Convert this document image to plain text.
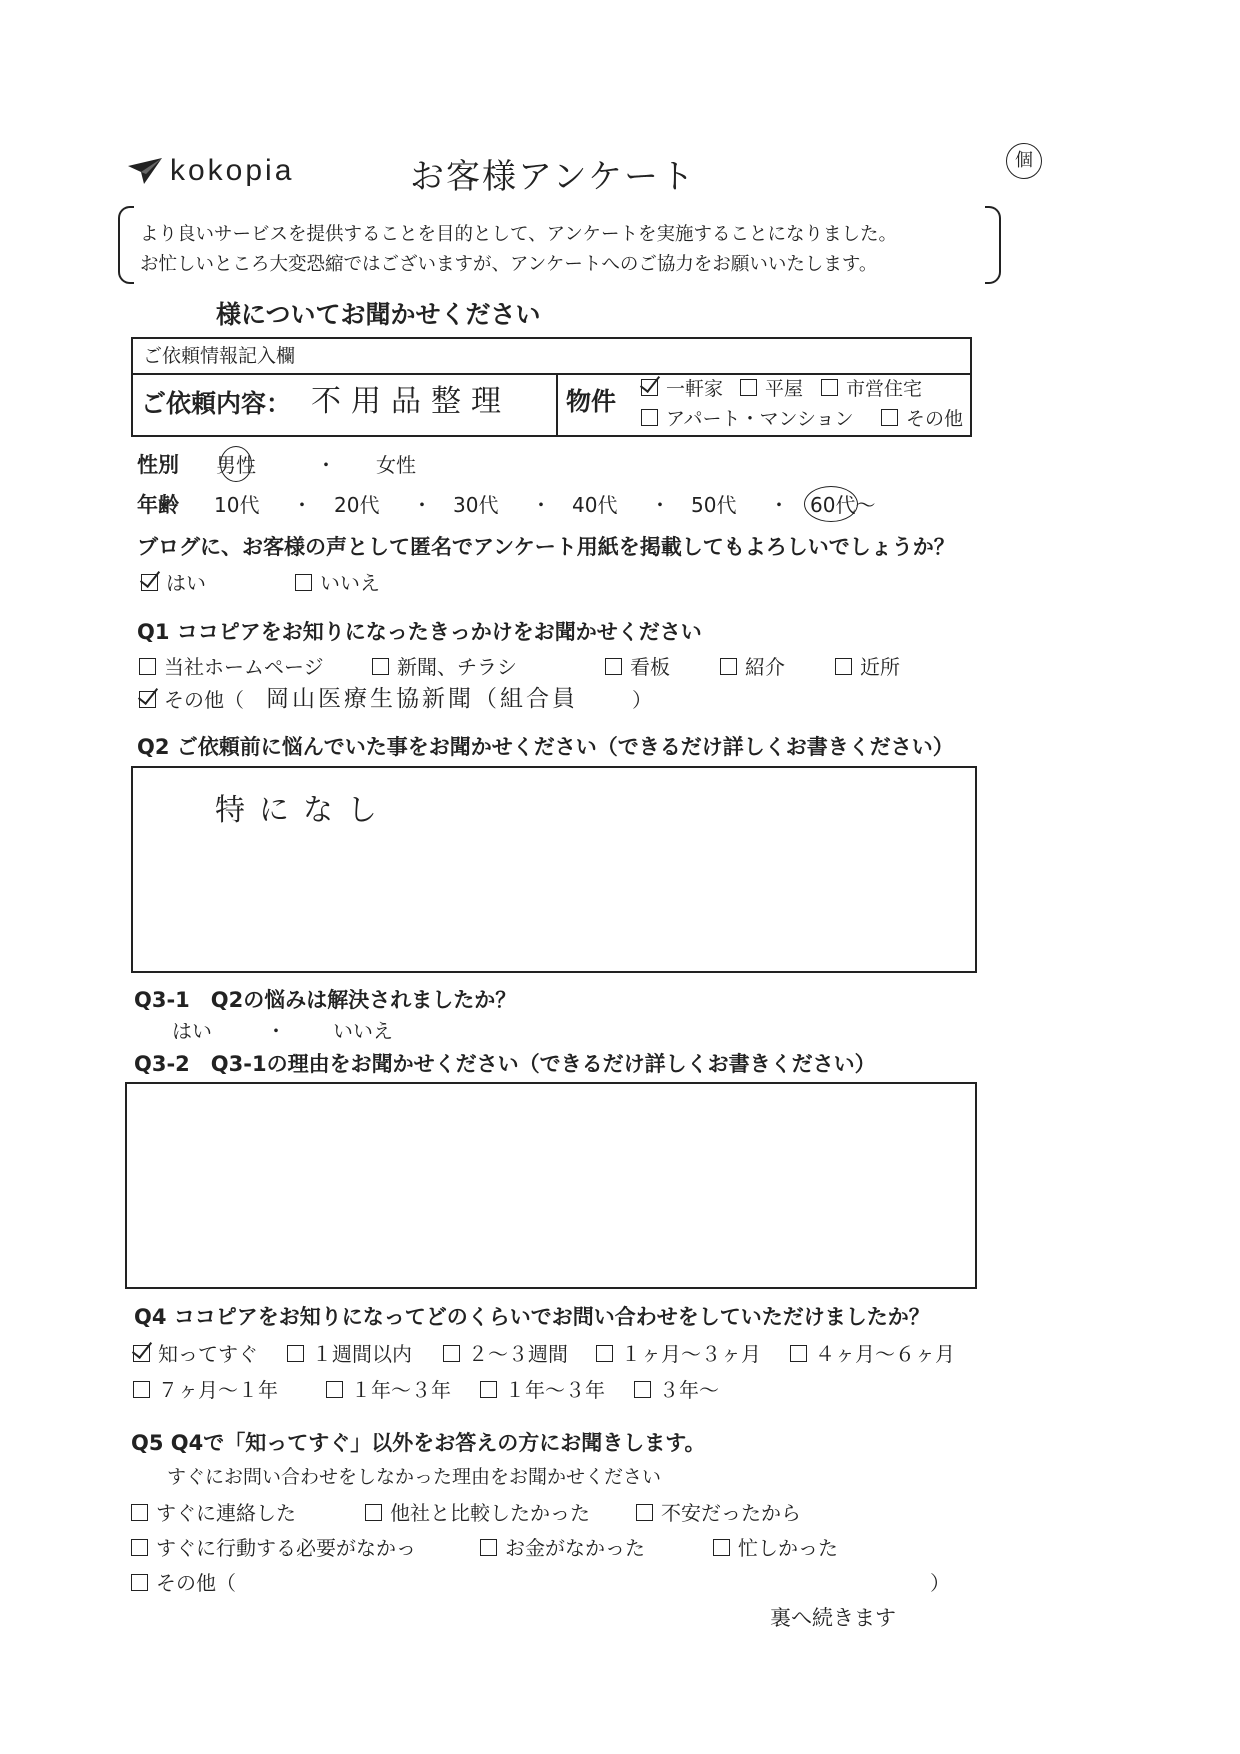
kokopia	お客様アンケート	個
より良いサービスを提供することを目的として、アンケートを実施することになりました。
お忙しいところ大変恐縮ではございますが、アンケートへのご協力をお願いいたします。
様についてお聞かせください
ご依頼情報記入欄
ご依頼内容： 不用品整理 物件	一軒家	平屋	市営住宅
アパート・マンション	その他
性別 男性	・ 女性
年齢 10代 ・ 20代 ・ 30代 ・ 40代 ・ 50代 ・ 60代〜
ブログに、お客様の声として匿名でアンケート用紙を掲載してもよろしいでしょうか？
はい	いいえ
Q1 ココピアをお知りになったきっかけをお聞かせください
当社ホームページ	新聞、チラシ	看板	紹介	近所
その他（ 岡山医療生協新聞（組合員	）
Q2 ご依頼前に悩んでいた事をお聞かせください（できるだけ詳しくお書きください）
特になし
Q3-1　Q2の悩みは解決されましたか？
はい	・ いいえ
Q3-2　Q3-1の理由をお聞かせください（できるだけ詳しくお書きください）
Q4 ココピアをお知りになってどのくらいでお問い合わせをしていただけましたか？
知ってすぐ	１週間以内	２〜３週間	１ヶ月〜３ヶ月	４ヶ月〜６ヶ月
７ヶ月〜１年	１年〜３年	１年〜３年	３年〜
Q5 Q4で「知ってすぐ」以外をお答えの方にお聞きします。
すぐにお問い合わせをしなかった理由をお聞かせください
すぐに連絡した	他社と比較したかった	不安だったから
すぐに行動する必要がなかっ	お金がなかった	忙しかった
その他（	）
裏へ続きます
